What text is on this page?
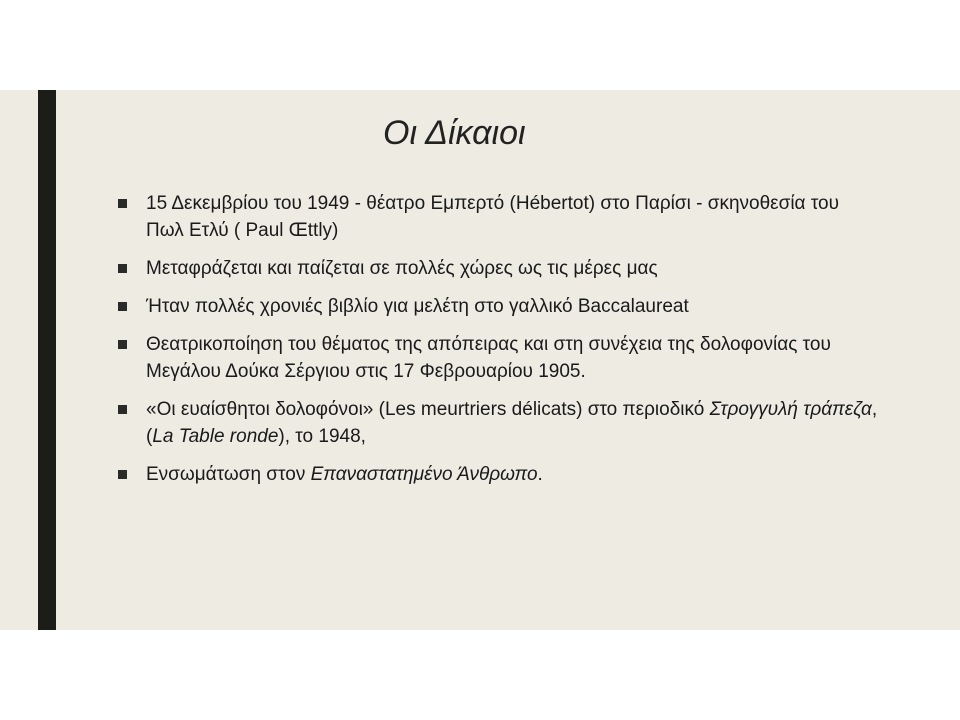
Οι Δίκαιοι
15 Δεκεμβρίου του 1949 - θέατρο Εμπερτό (Hébertot) στο Παρίσι - σκηνοθεσία του Πωλ Ετλύ ( Paul Œttly)
Μεταφράζεται και παίζεται σε πολλές χώρες ως τις μέρες μας
Ήταν πολλές χρονιές βιβλίο για μελέτη στο γαλλικό Baccalaureat
Θεατρικοποίηση του θέματος της απόπειρας και στη συνέχεια της δολοφονίας του Μεγάλου Δούκα Σέργιου στις 17 Φεβρουαρίου 1905.
«Οι ευαίσθητοι δολοφόνοι» (Les meurtriers délicats) στο περιοδικό Στρογγυλή τράπεζα, (La Table ronde), το 1948,
Ενσωμάτωση στον Επαναστατημένο Άνθρωπο.
